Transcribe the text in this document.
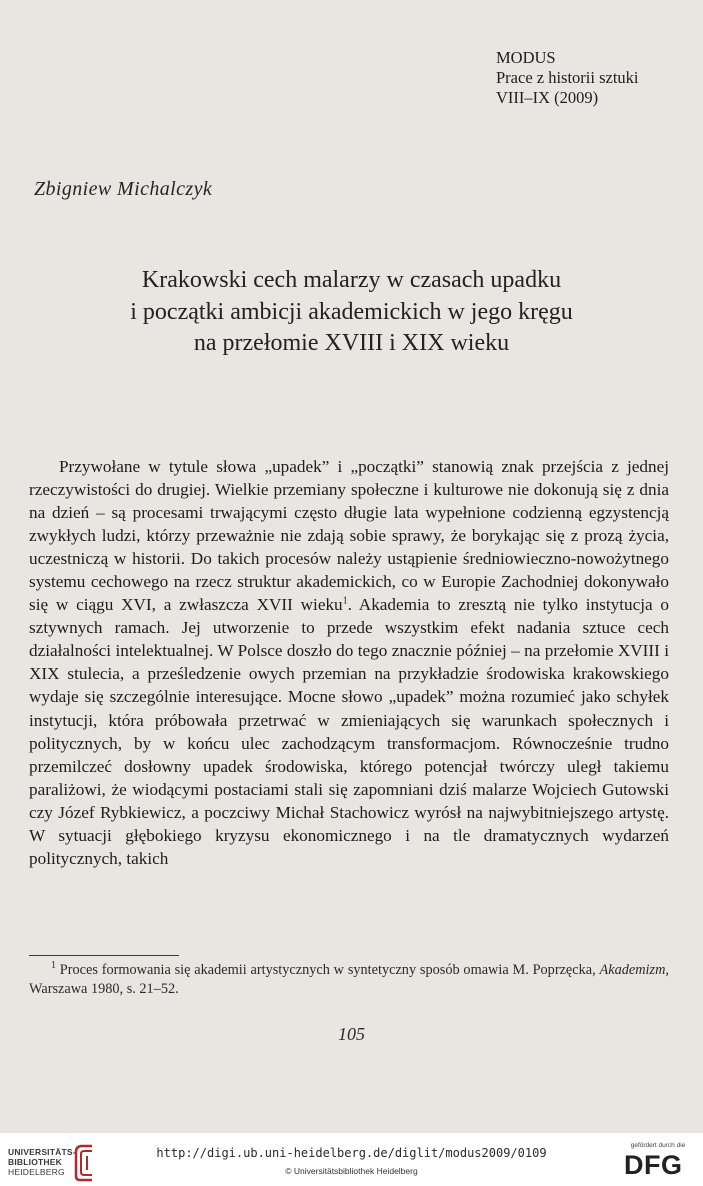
MODUS
Prace z historii sztuki
VIII–IX (2009)
Zbigniew Michalczyk
Krakowski cech malarzy w czasach upadku
i początki ambicji akademickich w jego kręgu
na przełomie XVIII i XIX wieku

Przywołane w tytule słowa „upadek” i „początki” stanowią znak przejścia z jednej rzeczywistości do drugiej. Wielkie przemiany społeczne i kulturowe nie dokonują się z dnia na dzień – są procesami trwającymi często długie lata wypełnione codzienną egzystencją zwykłych ludzi, którzy przeważnie nie zdają sobie sprawy, że borykając się z prozą życia, uczestniczą w historii. Do takich procesów należy ustąpienie średniowieczno-nowożytnego systemu cechowego na rzecz struktur akademickich, co w Europie Zachodniej dokonywało się w ciągu XVI, a zwłaszcza XVII wieku$^1$. Akademia to zresztą nie tylko instytucja o sztywnych ramach. Jej utworzenie to przede wszystkim efekt nadania sztuce cech działalności intelektualnej. W Polsce doszło do tego znacznie później – na przełomie XVIII i XIX stulecia, a prześledzenie owych przemian na przykładzie środowiska krakowskiego wydaje się szczególnie interesujące. Mocne słowo „upadek” można rozumieć jako schyłek instytucji, która próbowała przetrwać w zmieniających się warunkach społecznych i politycznych, by w końcu ulec zachodzącym transformacjom. Równocześnie trudno przemilczeć dosłowny upadek środowiska, którego potencjał twórczy uległ takiemu paraliżowi, że wiodącymi postaciami stali się zapomniani dziś malarze Wojciech Gutowski czy Józef Rybkiewicz, a poczciwy Michał Stachowicz wyrósł na najwybitniejszego artystę. W sytuacji głębokiego kryzysu ekonomicznego i na tle dramatycznych wydarzeń politycznych, takich

$^1$ Proces formowania się akademii artystycznych w syntetyczny sposób omawia M. Poprzęcka, Akademizm, Warszawa 1980, s. 21–52.

105
UNIVERSITÄTS-
BIBLIOTHEK
HEIDELBERG
http://digi.ub.uni-heidelberg.de/diglit/modus2009/0109
© Universitätsbibliothek Heidelberg
gefördert durch die
DFG
